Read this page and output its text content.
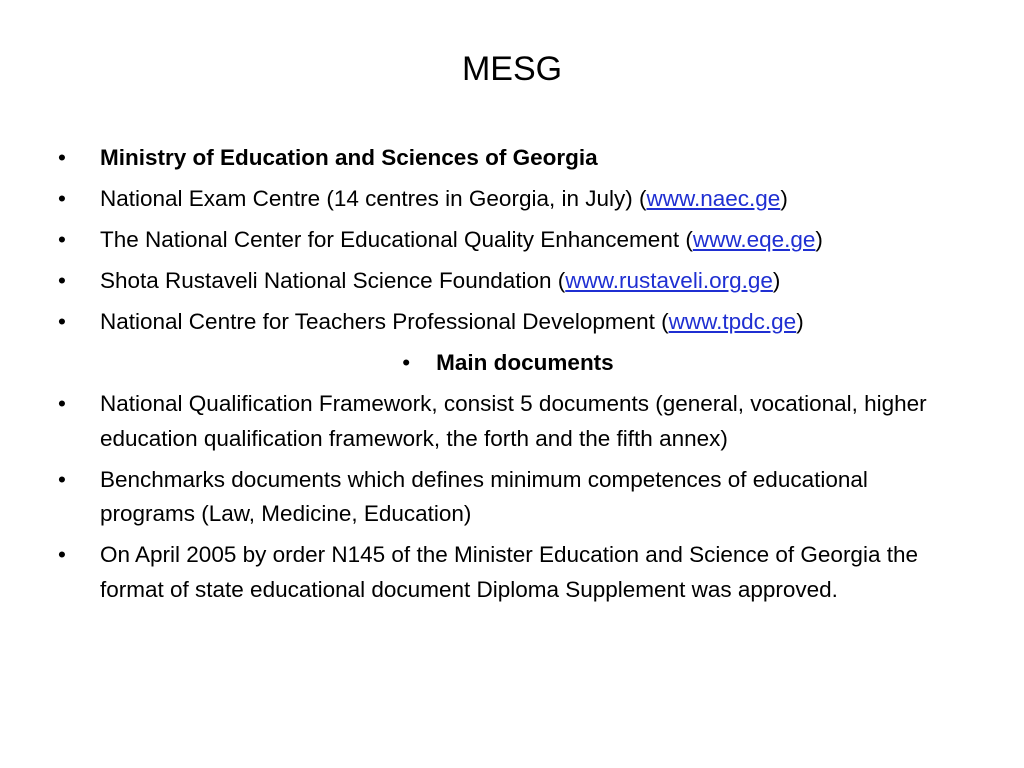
MESG
• Ministry of Education and Sciences of Georgia
• National Exam Centre (14 centres in Georgia, in July) (www.naec.ge)
• The National Center for Educational Quality Enhancement (www.eqe.ge)
• Shota Rustaveli National Science Foundation (www.rustaveli.org.ge)
• National Centre for Teachers Professional Development (www.tpdc.ge)
• Main documents
• National Qualification Framework, consist 5 documents (general, vocational, higher education qualification framework, the forth and the fifth annex)
• Benchmarks documents which defines minimum competences of educational programs (Law, Medicine, Education)
• On April 2005 by order N145 of the Minister Education and Science of Georgia the format of state educational document Diploma Supplement was approved.
